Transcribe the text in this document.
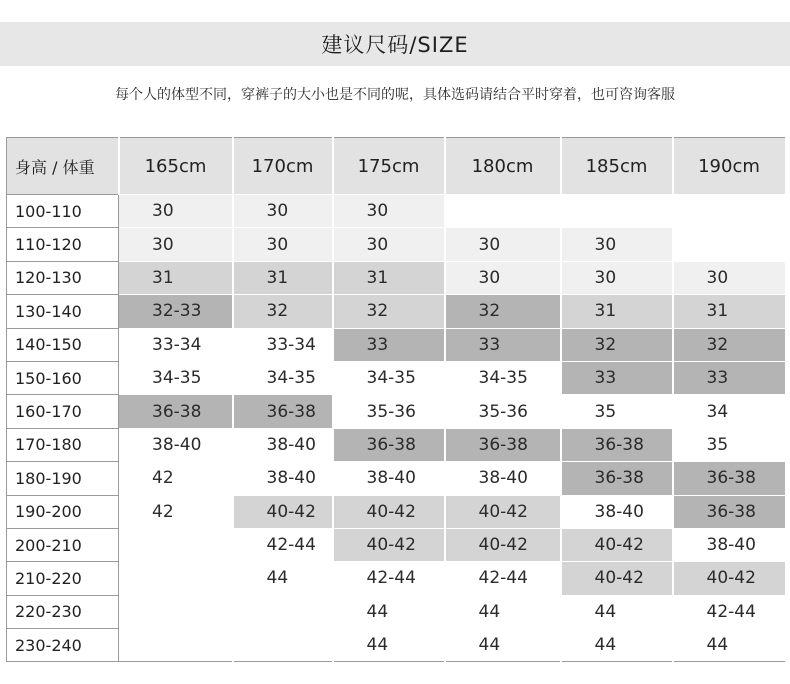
建议尺码/SIZE
每个人的体型不同，穿裤子的大小也是不同的呢，具体选码请结合平时穿着，也可咨询客服
身高 / 体重	165cm	170cm	175cm	180cm	185cm	190cm
100-110	30	30	30			
110-120	30	30	30	30	30	
120-130	31	31	31	30	30	30
130-140	32-33	32	32	32	31	31
140-150	33-34	33-34	33	33	32	32
150-160	34-35	34-35	34-35	34-35	33	33
160-170	36-38	36-38	35-36	35-36	35	34
170-180	38-40	38-40	36-38	36-38	36-38	35
180-190	42	38-40	38-40	38-40	36-38	36-38
190-200	42	40-42	40-42	40-42	38-40	36-38
200-210		42-44	40-42	40-42	40-42	38-40
210-220		44	42-44	42-44	40-42	40-42
220-230			44	44	44	42-44
230-240			44	44	44	44
